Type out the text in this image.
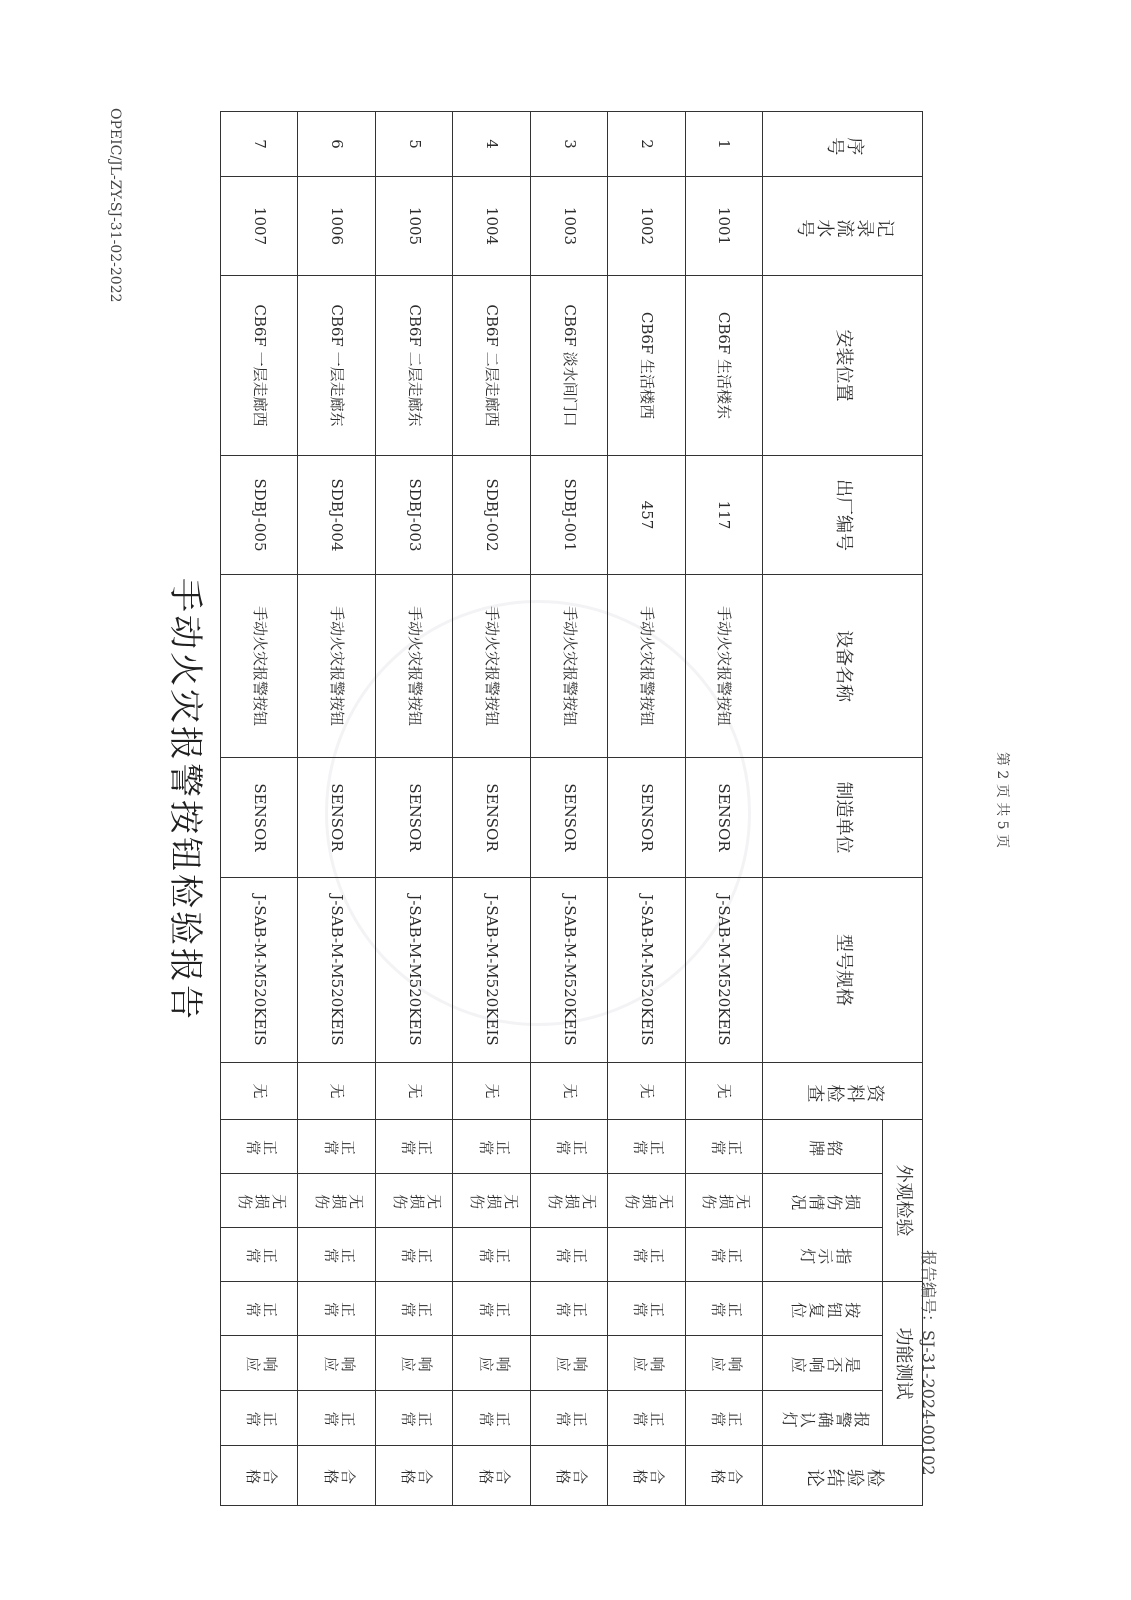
手动火灾报警按钮检验报告
OPEIC/JL-ZY-SJ-31-02-2022
报告编号：SJ-31-2024-00102
第 2 页 共 5 页
序号	记录流水号	安装位置	出厂编号	设备名称	制造单位	型号规格	资料检查	外观检验			功能测试			检验结论
								铭牌	损伤情况	指示灯	按钮复位	是否响应	报警确认灯	

1	1001	CB6F 生活楼东	117	手动火灾报警按钮	SENSOR	J-SAB-M-M520KEIS	无	正常	无损伤	正常	正常	响应	正常	合格
2	1002	CB6F 生活楼西	457	手动火灾报警按钮	SENSOR	J-SAB-M-M520KEIS	无	正常	无损伤	正常	正常	响应	正常	合格
3	1003	CB6F 淡水间门口	SDBJ-001	手动火灾报警按钮	SENSOR	J-SAB-M-M520KEIS	无	正常	无损伤	正常	正常	响应	正常	合格
4	1004	CB6F 二层走廊西	SDBJ-002	手动火灾报警按钮	SENSOR	J-SAB-M-M520KEIS	无	正常	无损伤	正常	正常	响应	正常	合格
5	1005	CB6F 二层走廊东	SDBJ-003	手动火灾报警按钮	SENSOR	J-SAB-M-M520KEIS	无	正常	无损伤	正常	正常	响应	正常	合格
6	1006	CB6F 一层走廊东	SDBJ-004	手动火灾报警按钮	SENSOR	J-SAB-M-M520KEIS	无	正常	无损伤	正常	正常	响应	正常	合格
7	1007	CB6F 一层走廊西	SDBJ-005	手动火灾报警按钮	SENSOR	J-SAB-M-M520KEIS	无	正常	无损伤	正常	正常	响应	正常	合格
